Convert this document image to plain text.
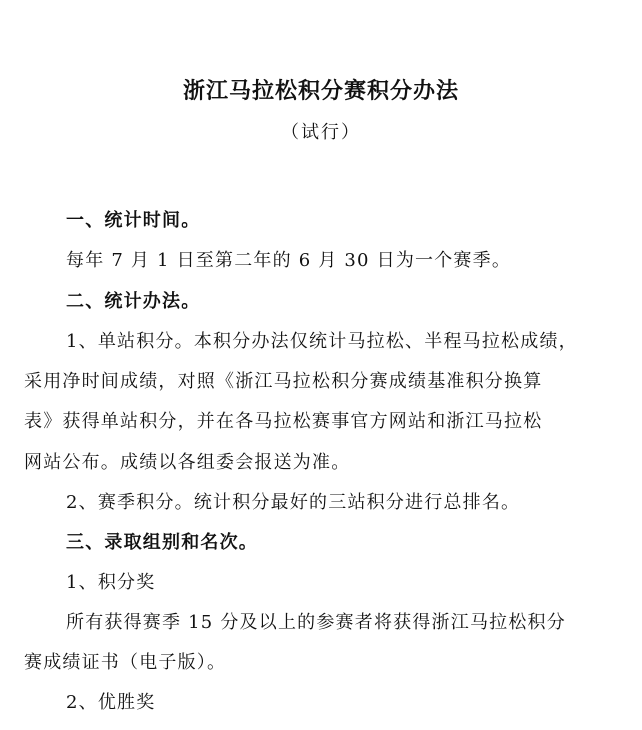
浙江马拉松积分赛积分办法
（试行）
一、统计时间。
每年 7 月 1 日至第二年的 6 月 30 日为一个赛季。
二、统计办法。
1、单站积分。本积分办法仅统计马拉松、半程马拉松成绩，
采用净时间成绩，对照《浙江马拉松积分赛成绩基准积分换算
表》获得单站积分，并在各马拉松赛事官方网站和浙江马拉松
网站公布。成绩以各组委会报送为准。
2、赛季积分。统计积分最好的三站积分进行总排名。
三、录取组别和名次。
1、积分奖
所有获得赛季 15 分及以上的参赛者将获得浙江马拉松积分
赛成绩证书（电子版）。
2、优胜奖
